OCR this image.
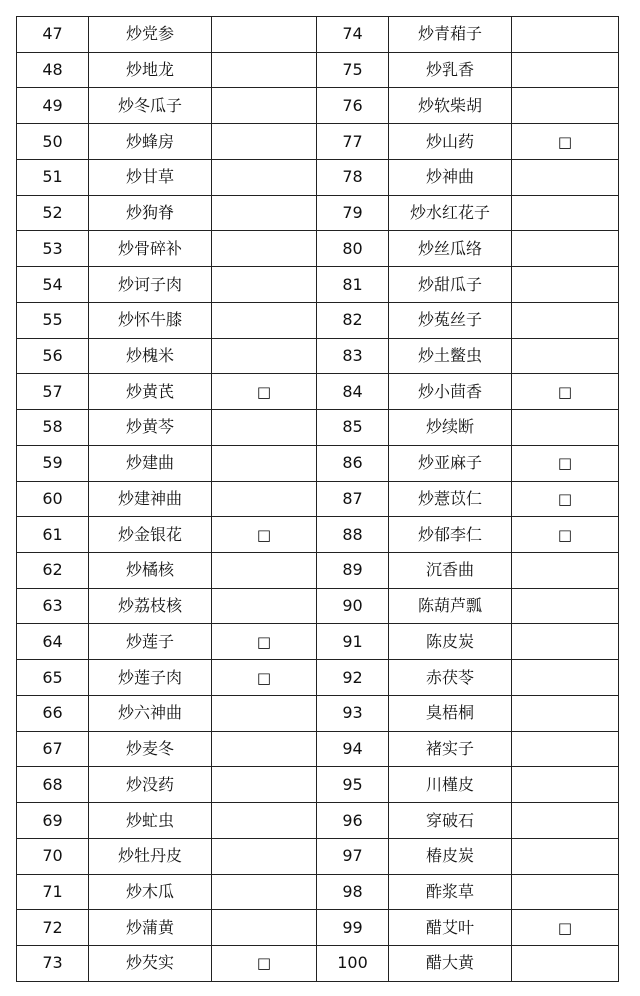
47	炒党参		74	炒青葙子	
48	炒地龙		75	炒乳香	
49	炒冬瓜子		76	炒软柴胡	
50	炒蜂房		77	炒山药	□
51	炒甘草		78	炒神曲	
52	炒狗脊		79	炒水红花子	
53	炒骨碎补		80	炒丝瓜络	
54	炒诃子肉		81	炒甜瓜子	
55	炒怀牛膝		82	炒菟丝子	
56	炒槐米		83	炒土鳖虫	
57	炒黄芪	□	84	炒小茴香	□
58	炒黄芩		85	炒续断	
59	炒建曲		86	炒亚麻子	□
60	炒建神曲		87	炒薏苡仁	□
61	炒金银花	□	88	炒郁李仁	□
62	炒橘核		89	沉香曲	
63	炒荔枝核		90	陈葫芦瓢	
64	炒莲子	□	91	陈皮炭	
65	炒莲子肉	□	92	赤茯苓	
66	炒六神曲		93	臭梧桐	
67	炒麦冬		94	褚实子	
68	炒没药		95	川槿皮	
69	炒虻虫		96	穿破石	
70	炒牡丹皮		97	椿皮炭	
71	炒木瓜		98	酢浆草	
72	炒蒲黄		99	醋艾叶	□
73	炒芡实	□	100	醋大黄	
